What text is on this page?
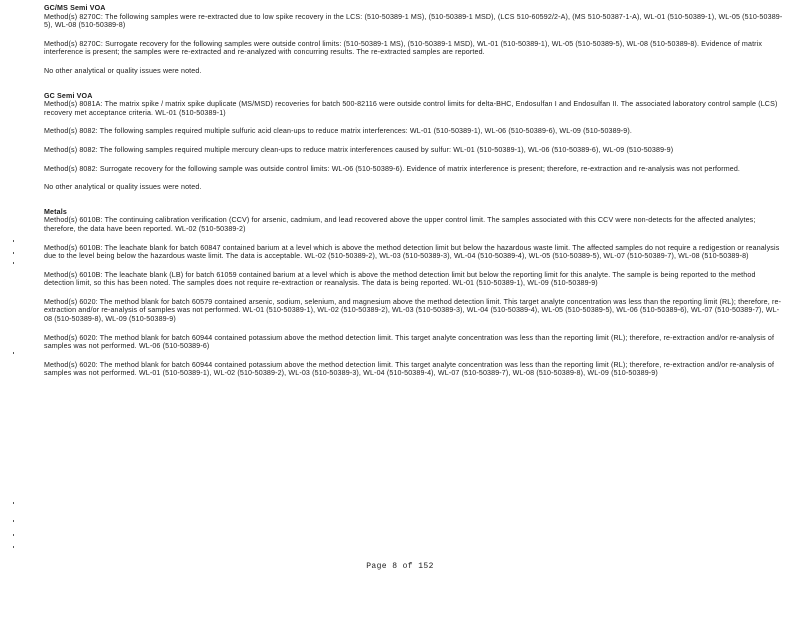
GC/MS Semi VOA

Method(s) 8270C: The following samples were re-extracted due to low spike recovery in the LCS: (510-50389-1 MS), (510-50389-1 MSD), (LCS 510-60592/2-A), (MS 510-50387-1-A), WL-01 (510-50389-1), WL-05 (510-50389-5), WL-08 (510-50389-8)

Method(s) 8270C: Surrogate recovery for the following samples were outside control limits: (510-50389-1 MS), (510-50389-1 MSD), WL-01 (510-50389-1), WL-05 (510-50389-5), WL-08 (510-50389-8). Evidence of matrix interference is present; the samples were re-extracted and re-analyzed with concurring results. The re-extracted samples are reported.

No other analytical or quality issues were noted.

GC Semi VOA

Method(s) 8081A: The matrix spike / matrix spike duplicate (MS/MSD) recoveries for batch 500-82116 were outside control limits for delta-BHC, Endosulfan I and Endosulfan II. The associated laboratory control sample (LCS) recovery met acceptance criteria. WL-01 (510-50389-1)

Method(s) 8082: The following samples required multiple sulfuric acid clean-ups to reduce matrix interferences: WL-01 (510-50389-1), WL-06 (510-50389-6), WL-09 (510-50389-9).

Method(s) 8082: The following samples required multiple mercury clean-ups to reduce matrix interferences caused by sulfur: WL-01 (510-50389-1), WL-06 (510-50389-6), WL-09 (510-50389-9)

Method(s) 8082: Surrogate recovery for the following sample was outside control limits: WL-06 (510-50389-6). Evidence of matrix interference is present; therefore, re-extraction and re-analysis was not performed.

No other analytical or quality issues were noted.

Metals

Method(s) 6010B: The continuing calibration verification (CCV) for arsenic, cadmium, and lead recovered above the upper control limit. The samples associated with this CCV were non-detects for the affected analytes; therefore, the data have been reported. WL-02 (510-50389-2)

Method(s) 6010B: The leachate blank for batch 60847 contained barium at a level which is above the method detection limit but below the hazardous waste limit. The affected samples do not require a redigestion or reanalysis due to the level being below the hazardous waste limit. The data is acceptable. WL-02 (510-50389-2), WL-03 (510-50389-3), WL-04 (510-50389-4), WL-05 (510-50389-5), WL-07 (510-50389-7), WL-08 (510-50389-8)

Method(s) 6010B: The leachate blank (LB) for batch 61059 contained barium at a level which is above the method detection limit but below the reporting limit for this analyte. The sample is being reported to the method detection limit, so this has been noted. The samples does not require re-extraction or reanalysis. The data is being reported. WL-01 (510-50389-1), WL-09 (510-50389-9)

Method(s) 6020: The method blank for batch 60579 contained arsenic, sodium, selenium, and magnesium above the method detection limit. This target analyte concentration was less than the reporting limit (RL); therefore, re-extraction and/or re-analysis of samples was not performed. WL-01 (510-50389-1), WL-02 (510-50389-2), WL-03 (510-50389-3), WL-04 (510-50389-4), WL-05 (510-50389-5), WL-06 (510-50389-6), WL-07 (510-50389-7), WL-08 (510-50389-8), WL-09 (510-50389-9)

Method(s) 6020: The method blank for batch 60944 contained potassium above the method detection limit. This target analyte concentration was less than the reporting limit (RL); therefore, re-extraction and/or re-analysis of samples was not performed. WL-06 (510-50389-6)

Method(s) 6020: The method blank for batch 60944 contained potassium above the method detection limit. This target analyte concentration was less than the reporting limit (RL); therefore, re-extraction and/or re-analysis of samples was not performed. WL-01 (510-50389-1), WL-02 (510-50389-2), WL-03 (510-50389-3), WL-04 (510-50389-4), WL-07 (510-50389-7), WL-08 (510-50389-8), WL-09 (510-50389-9)

Page 8 of 152
